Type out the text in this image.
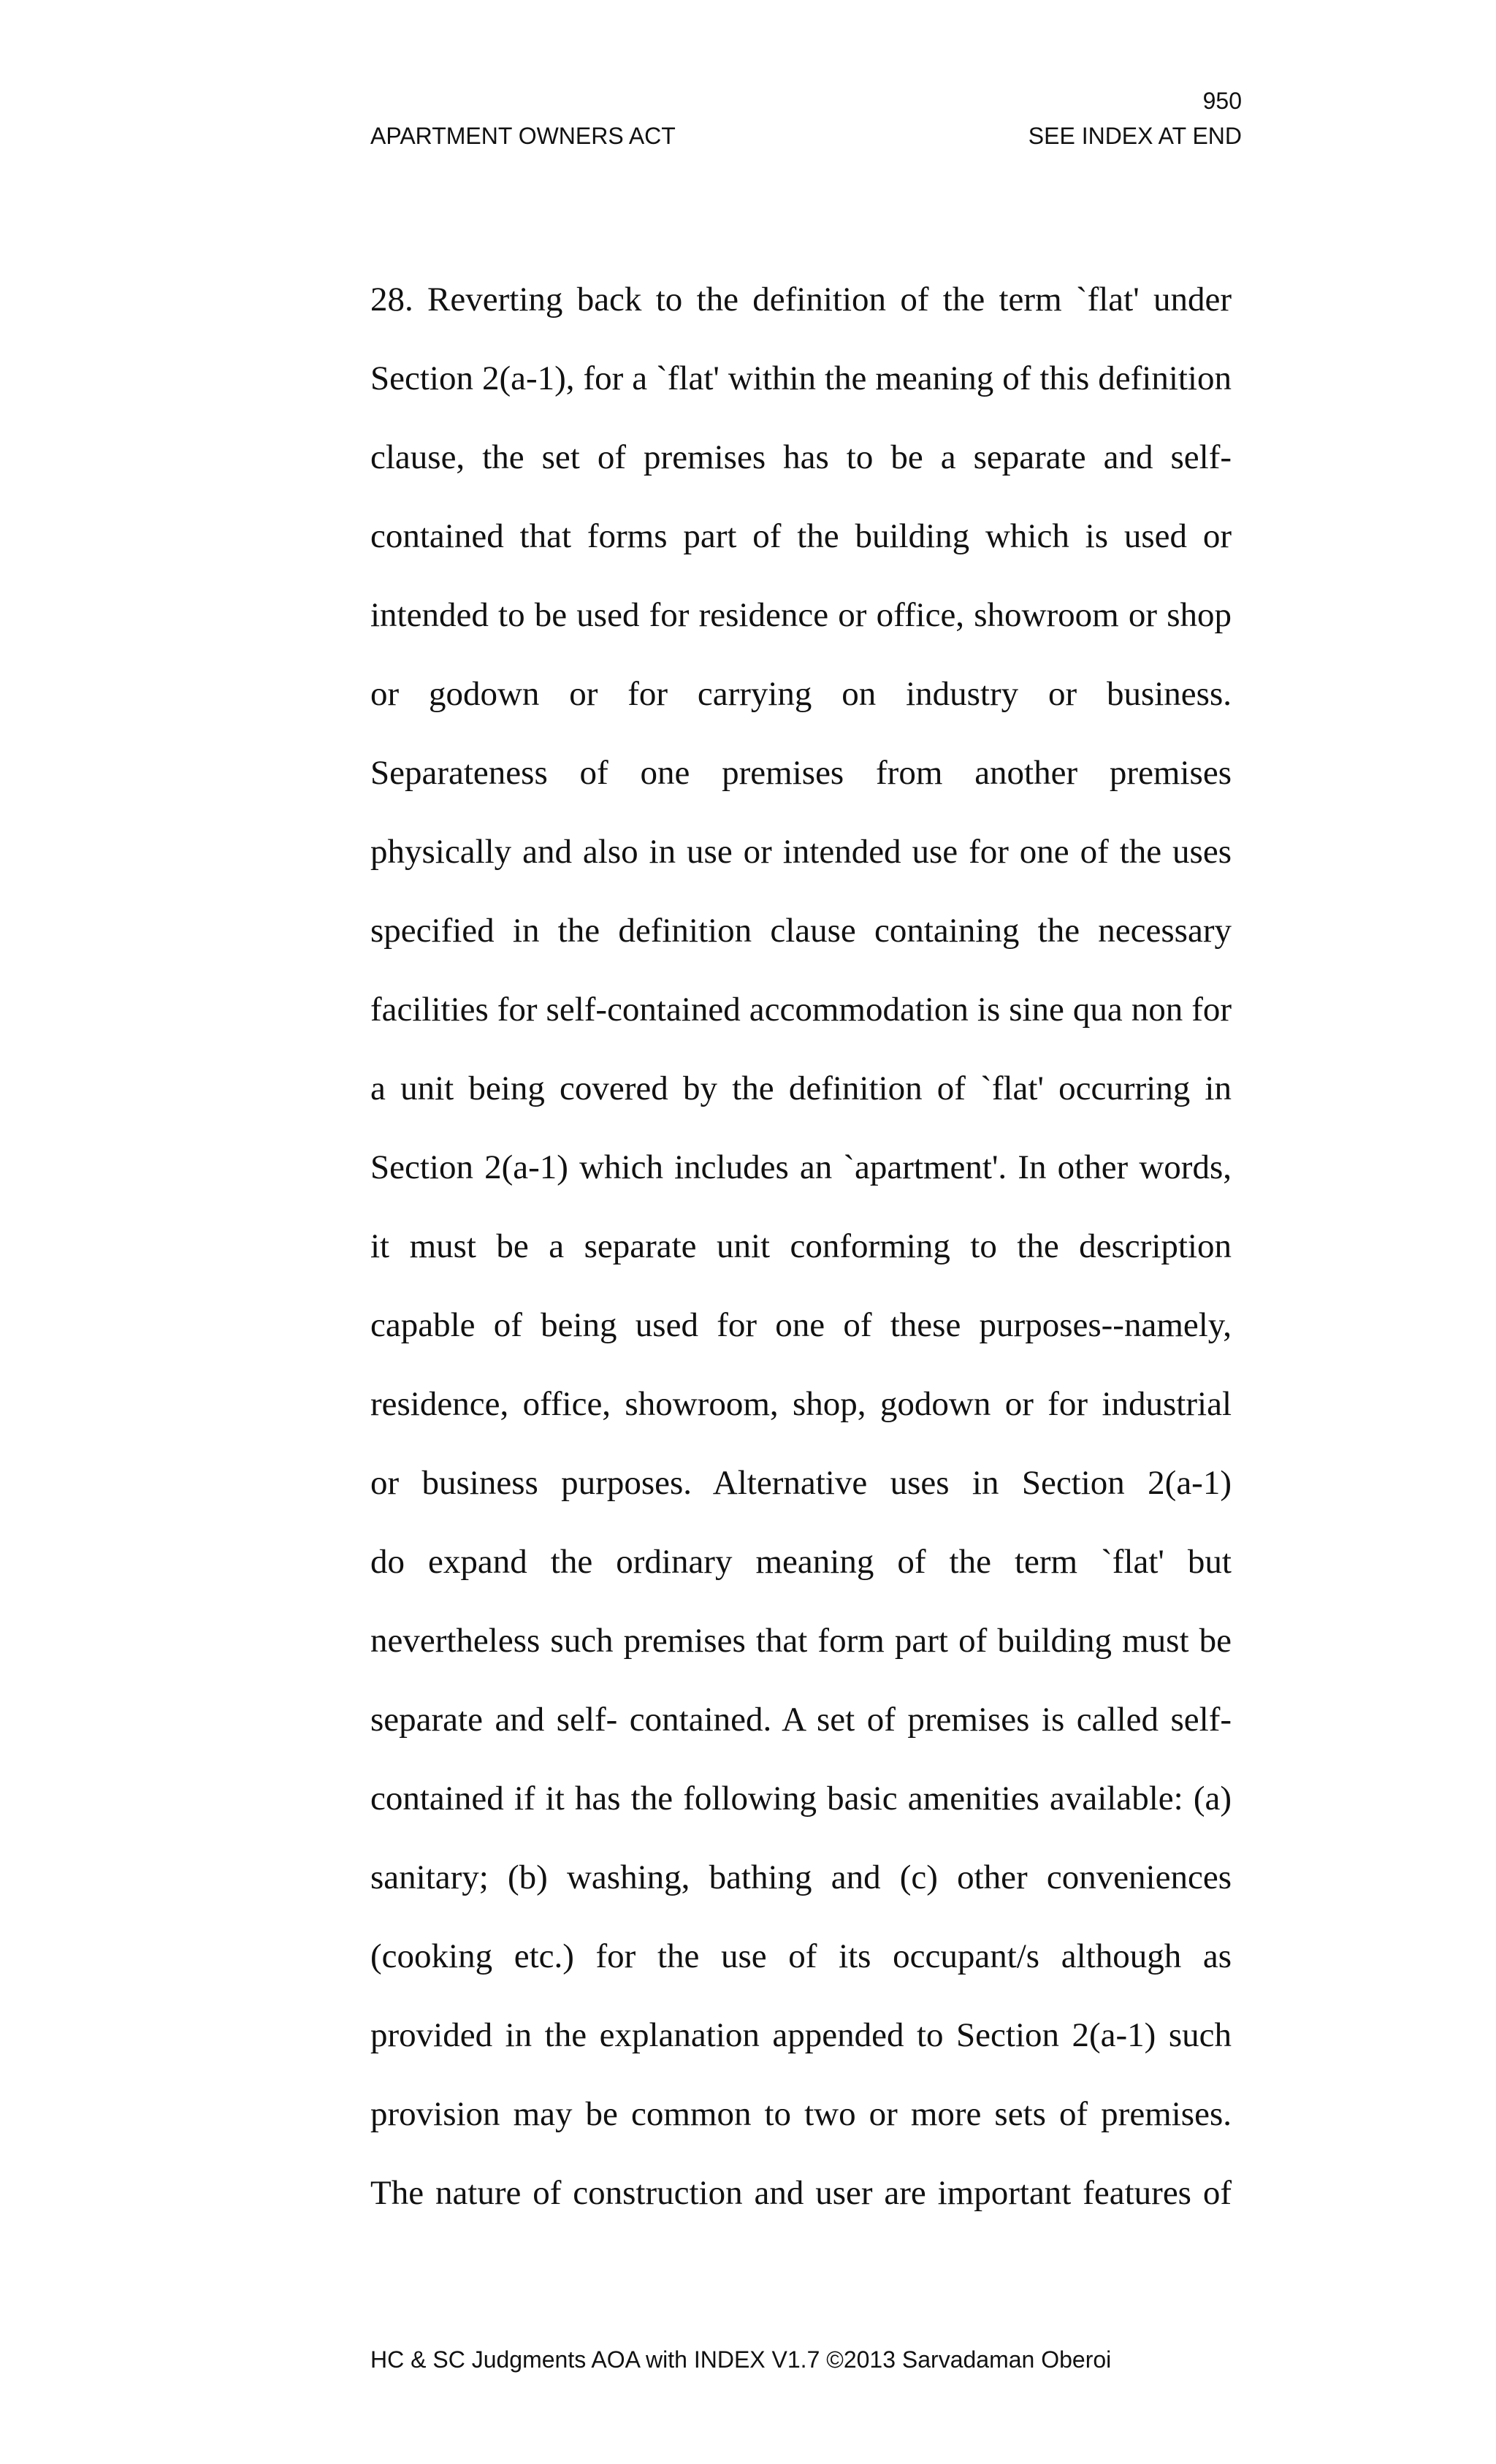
950
APARTMENT OWNERS ACT	SEE INDEX AT END
28. Reverting back to the definition of the term `flat' under
Section 2(a-1), for a `flat' within the meaning of this definition
clause, the set of premises has to be a separate and self-
contained that forms part of the building which is used or
intended to be used for residence or office, showroom or shop
or godown or for carrying on industry or business.
Separateness of one premises from another premises
physically and also in use or intended use for one of the uses
specified in the definition clause containing the necessary
facilities for self-contained accommodation is sine qua non for
a unit being covered by the definition of `flat' occurring in
Section 2(a-1) which includes an `apartment'. In other words,
it must be a separate unit conforming to the description
capable of being used for one of these purposes--namely,
residence, office, showroom, shop, godown or for industrial
or business purposes. Alternative uses in Section 2(a-1)
do expand the ordinary meaning of the term `flat' but
nevertheless such premises that form part of building must be
separate and self- contained. A set of premises is called self-
contained if it has the following basic amenities available: (a)
sanitary; (b) washing, bathing and (c) other conveniences
(cooking etc.) for the use of its occupant/s although as
provided in the explanation appended to Section 2(a-1) such
provision may be common to two or more sets of premises.
The nature of construction and user are important features of
HC & SC Judgments AOA with INDEX V1.7 ©2013 Sarvadaman Oberoi
